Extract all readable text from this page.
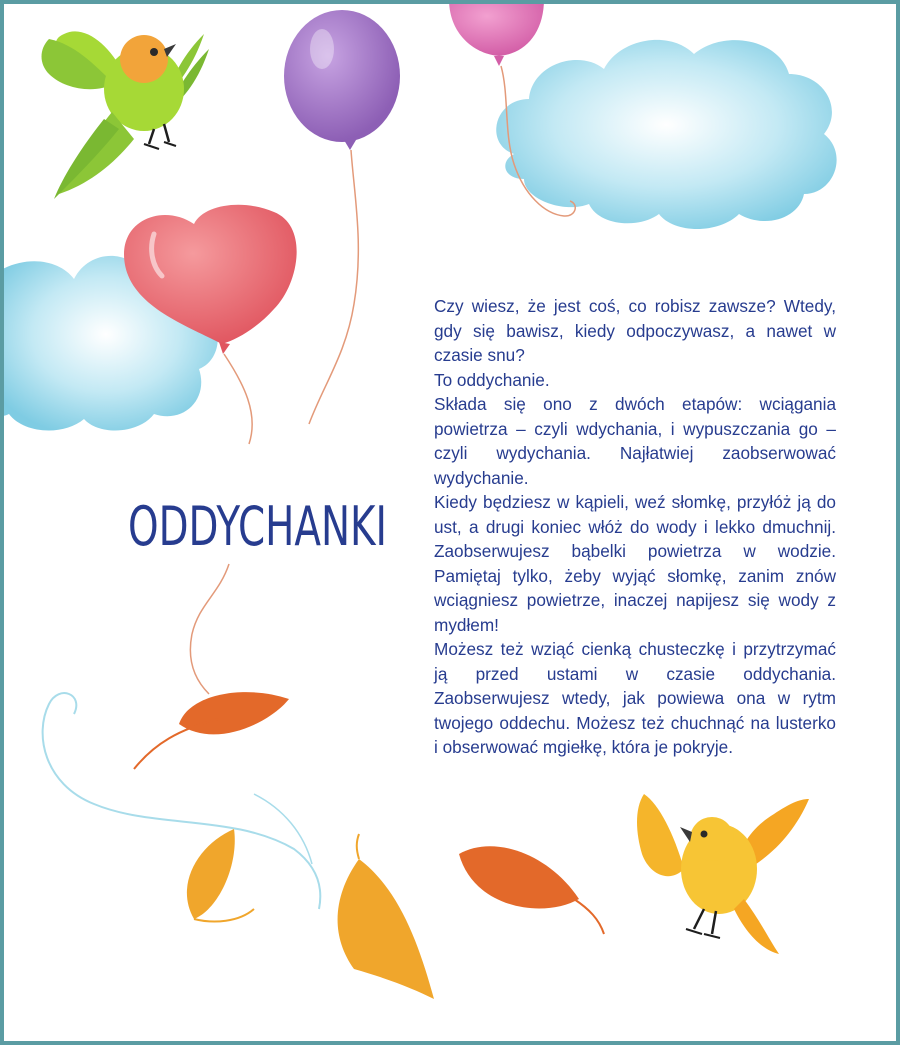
ODDYCHANKI

Czy wiesz, że jest coś, co robisz zawsze? Wtedy, gdy się bawisz, kiedy odpoczywasz, a nawet w czasie snu?

To oddychanie.

Składa się ono z dwóch etapów: wciągania powietrza – czyli wdychania, i wypuszczania go – czyli wydychania. Najłatwiej zaobserwować wydychanie.

Kiedy będziesz w kąpieli, weź słomkę, przyłóż ją do ust, a drugi koniec włóż do wody i lekko dmuchnij. Zaobserwujesz bąbelki powietrza w wodzie. Pamiętaj tylko, żeby wyjąć słomkę, zanim znów wciągniesz powietrze, inaczej napijesz się wody z mydłem!

Możesz też wziąć cienką chusteczkę i przytrzymać ją przed ustami w czasie oddychania. Zaobserwujesz wtedy, jak powiewa ona w rytm twojego oddechu. Możesz też chuchnąć na lusterko i obserwować mgiełkę, która je pokryje.
